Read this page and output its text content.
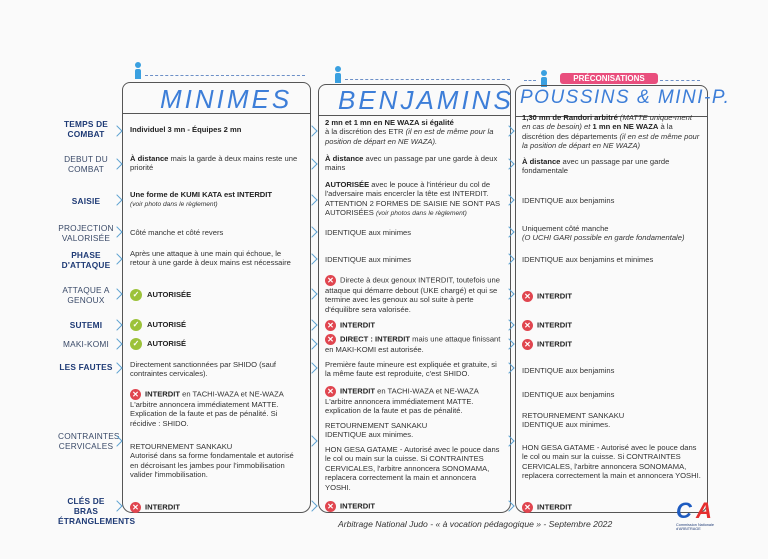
PRÉCONISATIONS
MINIMES BENJAMINS POUSSINS & MINI-P.
TEMPS DE COMBAT
DEBUT DU COMBAT
SAISIE
PROJECTION VALORISÉE
PHASE D'ATTAQUE
ATTAQUE A GENOUX
SUTEMI
MAKI-KOMI
LES FAUTES
CONTRAINTES CERVICALES
CLÉS DE BRAS ÉTRANGLEMENTS
Individuel 3 mn - Équipes 2 mn
À distance mais la garde à deux mains reste une priorité
Une forme de KUMI KATA est INTERDIT
(voir photo dans le règlement)
Côté manche et côté revers
Après une attaque à une main qui échoue, le retour à une garde à deux mains est nécessaire
✓ AUTORISÉE
✓ AUTORISÉ
✓ AUTORISÉ
Directement sanctionnées par SHIDO (sauf contraintes cervicales).
✕ INTERDIT en TACHI-WAZA et NE-WAZA
L'arbitre annoncera immédiatement MATTE. Explication de la faute et pas de pénalité. Si récidive : SHIDO.
RETOURNEMENT SANKAKU
Autorisé dans sa forme fondamentale et autorisé en décroisant les jambes pour l'immobilisation valider l'immobilisation.
✕ INTERDIT
2 mn et 1 mn en NE WAZA si égalité
à la discrétion des ETR (il en est de même pour la position de départ en NE WAZA).
À distance avec un passage par une garde à deux mains
AUTORISÉE avec le pouce à l'intérieur du col de l'adversaire mais encercler la tête est INTERDIT. ATTENTION 2 FORMES DE SAISIE NE SONT PAS AUTORISÉES (voir photos dans le règlement)
IDENTIQUE aux minimes
IDENTIQUE aux minimes
✕ Directe à deux genoux INTERDIT, toutefois une attaque qui démarre debout (UKE chargé) et qui se termine avec les genoux au sol suite à perte d'équilibre sera valorisée.
✕ INTERDIT
✕ DIRECT : INTERDIT mais une attaque finissant en MAKI-KOMI est autorisée.
Première faute mineure est expliquée et gratuite, si la même faute est reproduite, c'est SHIDO.
✕ INTERDIT en TACHI-WAZA et NE-WAZA
L'arbitre annoncera immédiatement MATTE. explication de la faute et pas de pénalité.
RETOURNEMENT SANKAKU
IDENTIQUE aux minimes.
HON GESA GATAME - Autorisé avec le pouce dans le col ou main sur la cuisse. Si CONTRAINTES CERVICALES, l'arbitre annoncera SONOMAMA, replacera correctement la main et annoncera YOSHI.
✕ INTERDIT
1,30 mn de Randori arbitré (MATTE unique-ment en cas de besoin) et 1 mn en NE WAZA à la discrétion des départements (il en est de même pour la position de départ en NE WAZA)
À distance avec un passage par une garde fondamentale
IDENTIQUE aux benjamins
Uniquement côté manche
(O UCHI GARI possible en garde fondamentale)
IDENTIQUE aux benjamins et minimes
✕ INTERDIT
✕ INTERDIT
✕ INTERDIT
IDENTIQUE aux benjamins
IDENTIQUE aux benjamins
RETOURNEMENT SANKAKU
IDENTIQUE aux minimes.
HON GESA GATAME - Autorisé avec le pouce dans le col ou main sur la cuisse. Si CONTRAINTES CERVICALES, l'arbitre annoncera SONOMAMA, replacera correctement la main et annoncera YOSHI.
✕ INTERDIT
Arbitrage National Judo - « à vocation pédagogique » - Septembre 2022
C A
Commission Nationale d'ARBITRAGE
